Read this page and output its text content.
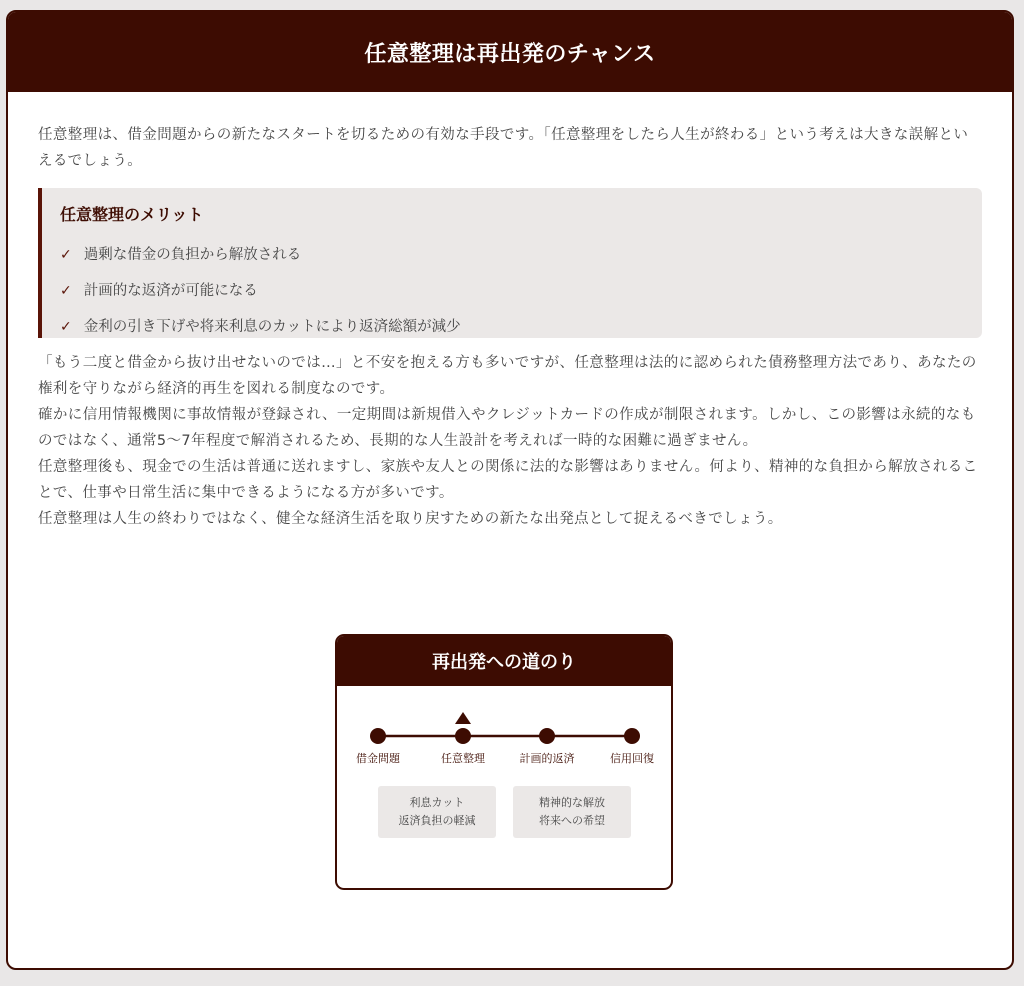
任意整理は再出発のチャンス

任意整理は、借金問題からの新たなスタートを切るための有効な手段です。「任意整理をしたら人生が終わる」という考えは大きな誤解といえるでしょう。

任意整理のメリット

✓ 過剰な借金の負担から解放される
✓ 計画的な返済が可能になる
✓ 金利の引き下げや将来利息のカットにより返済総額が減少

「もう二度と借金から抜け出せないのでは…」と不安を抱える方も多いですが、任意整理は法的に認められた債務整理方法であり、あなたの権利を守りながら経済的再生を図れる制度なのです。

確かに信用情報機関に事故情報が登録され、一定期間は新規借入やクレジットカードの作成が制限されます。しかし、この影響は永続的なものではなく、通常5〜7年程度で解消されるため、長期的な人生設計を考えれば一時的な困難に過ぎません。

任意整理後も、現金での生活は普通に送れますし、家族や友人との関係に法的な影響はありません。何より、精神的な負担から解放されることで、仕事や日常生活に集中できるようになる方が多いです。

任意整理は人生の終わりではなく、健全な経済生活を取り戻すための新たな出発点として捉えるべきでしょう。

再出発への道のり
借金問題	任意整理	計画的返済	信用回復
利息カット
返済負担の軽減
精神的な解放
将来への希望
